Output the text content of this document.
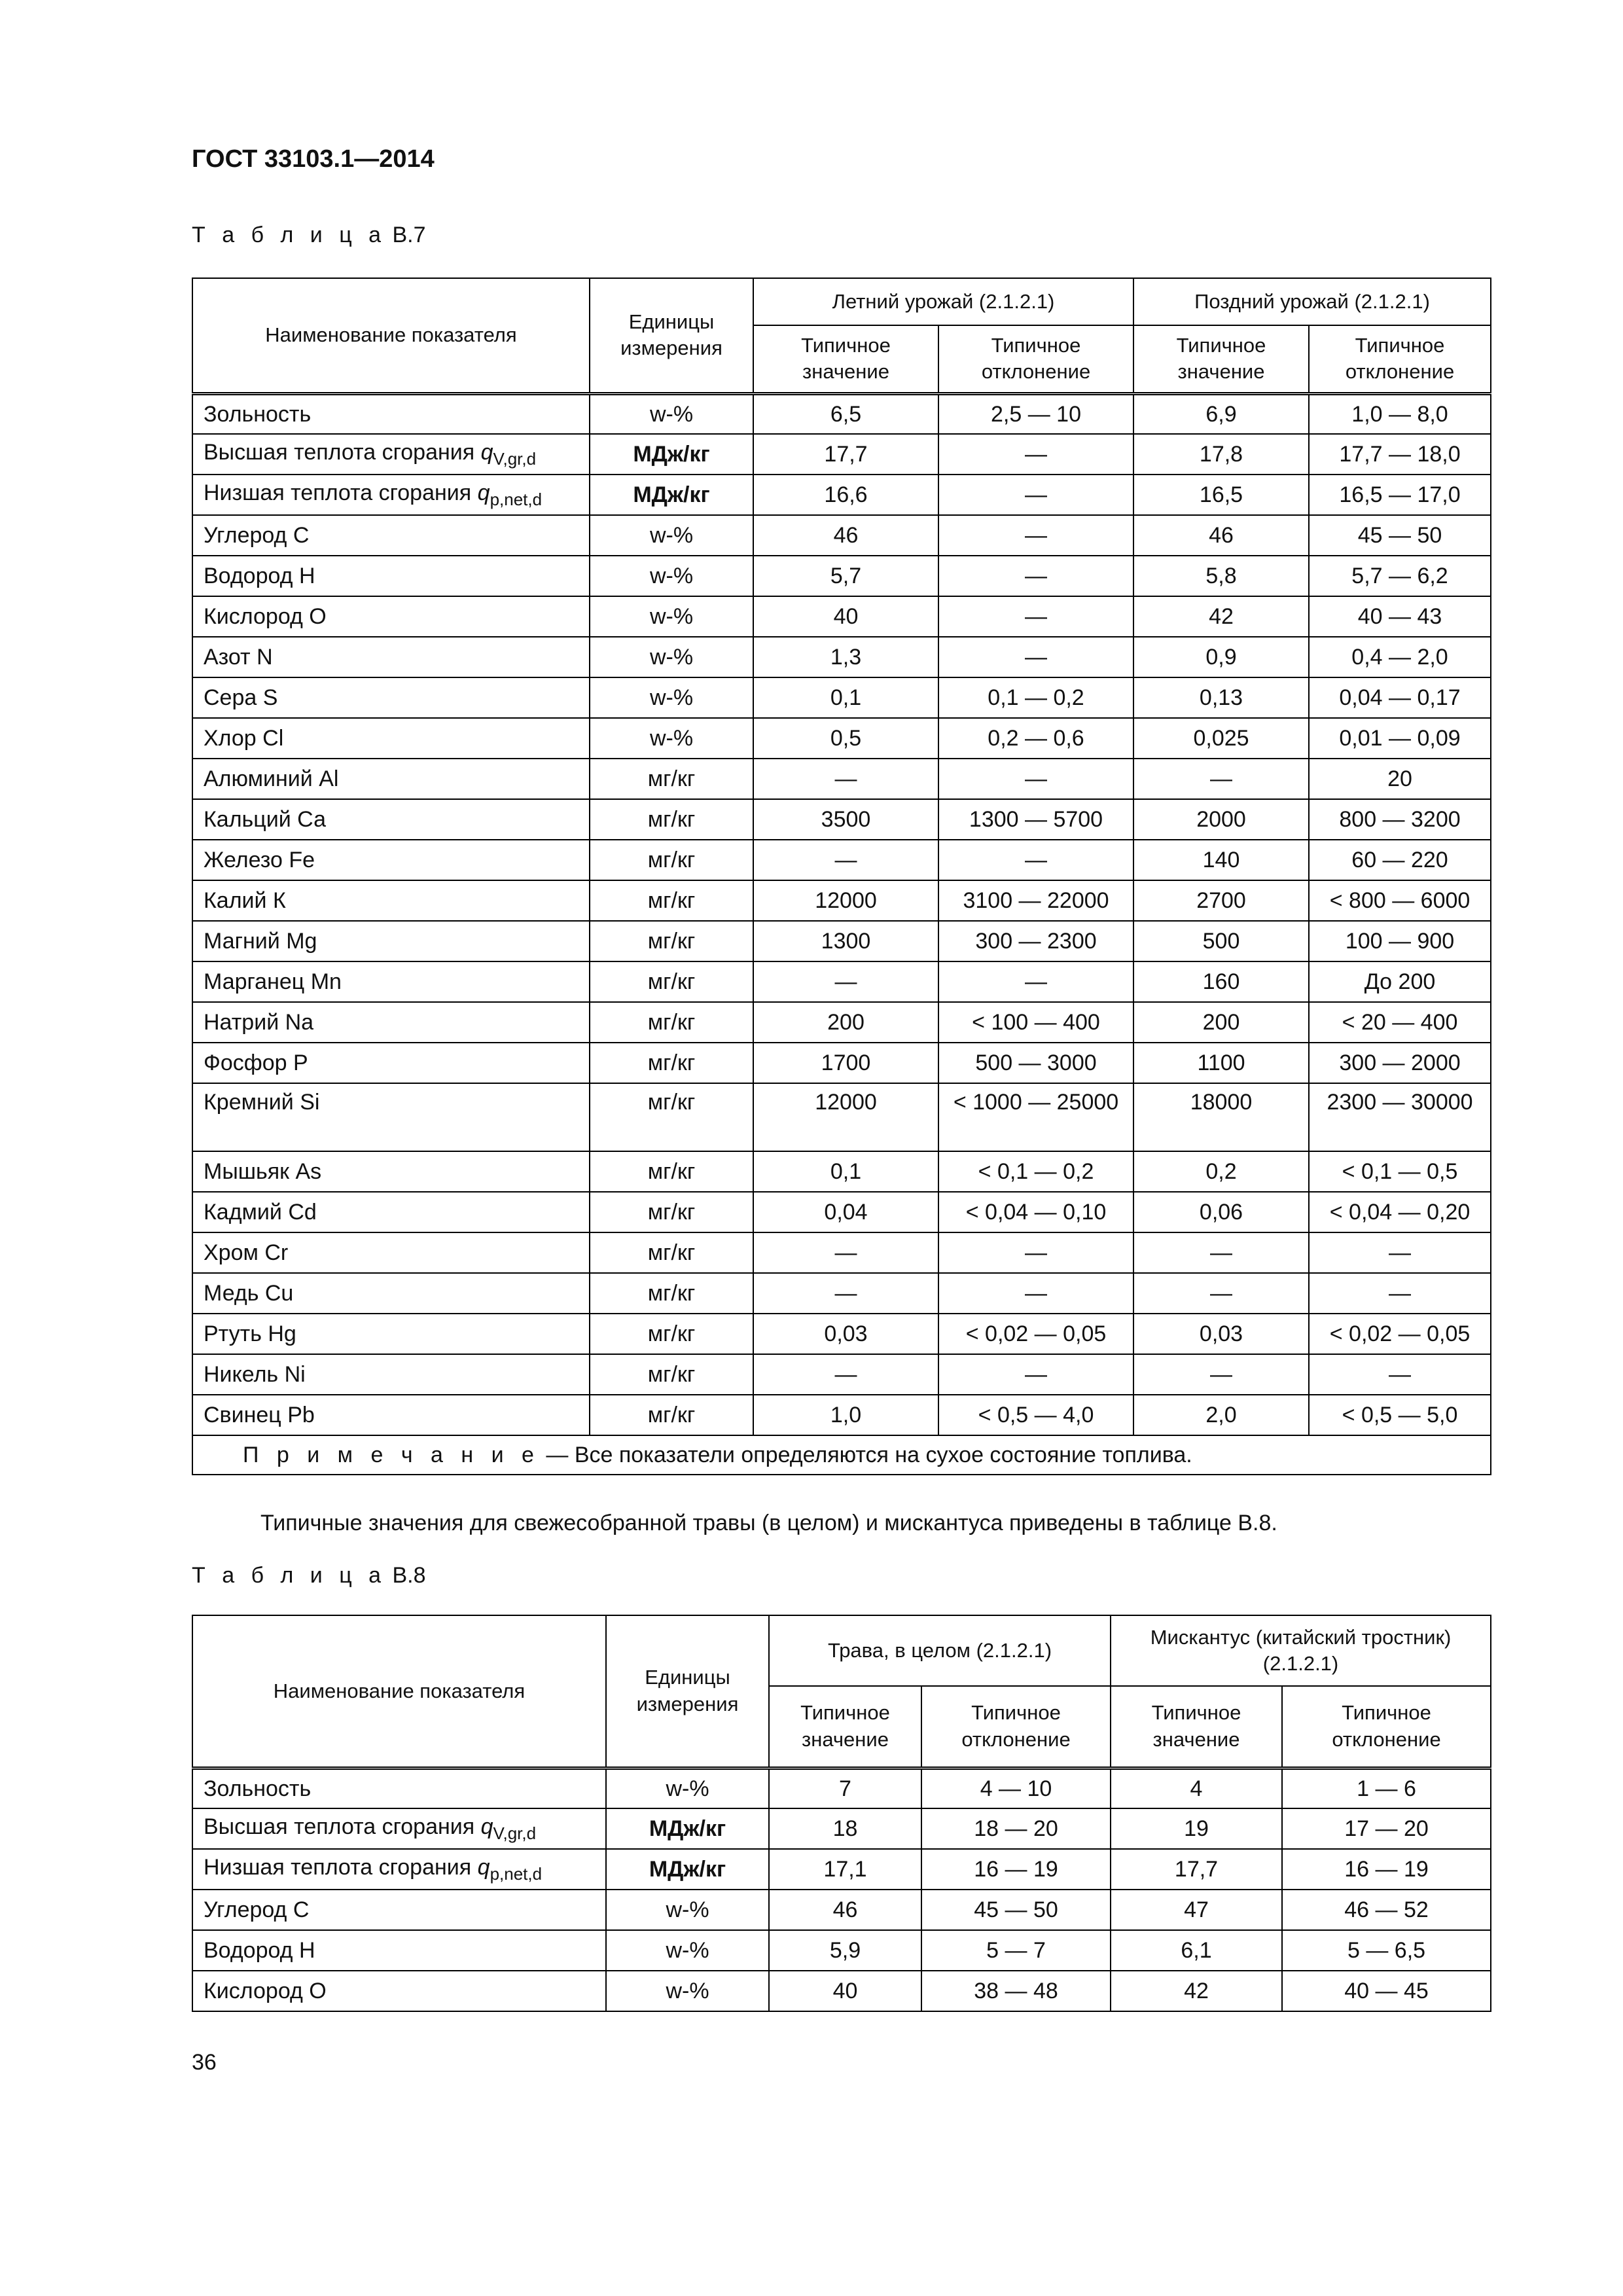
ГОСТ 33103.1—2014
Т а б л и ц а В.7
Наименование показателя	Единицы измерения	Летний урожай (2.1.2.1)		Поздний урожай (2.1.2.1)	
		Типичное значение	Типичное отклонение	Типичное значение	Типичное отклонение
Зольность	w-%	6,5	2,5 — 10	6,9	1,0 — 8,0
Высшая теплота сгорания $q_{V,gr,d}$	МДж/кг	17,7	—	17,8	17,7 — 18,0
Низшая теплота сгорания $q_{p,net,d}$	МДж/кг	16,6	—	16,5	16,5 — 17,0
Углерод С	w-%	46	—	46	45 — 50
Водород Н	w-%	5,7	—	5,8	5,7 — 6,2
Кислород О	w-%	40	—	42	40 — 43
Азот N	w-%	1,3	—	0,9	0,4 — 2,0
Сера S	w-%	0,1	0,1 — 0,2	0,13	0,04 — 0,17
Хлор Cl	w-%	0,5	0,2 — 0,6	0,025	0,01 — 0,09
Алюминий Al	мг/кг	—	—	—	20
Кальций Са	мг/кг	3500	1300 — 5700	2000	800 — 3200
Железо Fe	мг/кг	—	—	140	60 — 220
Калий К	мг/кг	12000	3100 — 22000	2700	< 800 — 6000
Магний Mg	мг/кг	1300	300 — 2300	500	100 — 900
Марганец Mn	мг/кг	—	—	160	До 200
Натрий Na	мг/кг	200	< 100 — 400	200	< 20 — 400
Фосфор Р	мг/кг	1700	500 — 3000	1100	300 — 2000
Кремний Si	мг/кг	12000	< 1000 — 25000	18000	2300 — 30000
Мышьяк As	мг/кг	0,1	< 0,1 — 0,2	0,2	< 0,1 — 0,5
Кадмий Cd	мг/кг	0,04	< 0,04 — 0,10	0,06	< 0,04 — 0,20
Хром Cr	мг/кг	—	—	—	—
Медь Cu	мг/кг	—	—	—	—
Ртуть Hg	мг/кг	0,03	< 0,02 — 0,05	0,03	< 0,02 — 0,05
Никель Ni	мг/кг	—	—	—	—
Свинец Pb	мг/кг	1,0	< 0,5 — 4,0	2,0	< 0,5 — 5,0
П р и м е ч а н и е — Все показатели определяются на сухое состояние топлива.					
Типичные значения для свежесобранной травы (в целом) и мискантуса приведены в таблице В.8.
Т а б л и ц а В.8
Наименование показателя	Единицы измерения	Трава, в целом (2.1.2.1)		Мискантус (китайский тростник) (2.1.2.1)	
		Типичное значение	Типичное отклонение	Типичное значение	Типичное отклонение
Зольность	w-%	7	4 — 10	4	1 — 6
Высшая теплота сгорания $q_{V,gr,d}$	МДж/кг	18	18 — 20	19	17 — 20
Низшая теплота сгорания $q_{p,net,d}$	МДж/кг	17,1	16 — 19	17,7	16 — 19
Углерод С	w-%	46	45 — 50	47	46 — 52
Водород Н	w-%	5,9	5 — 7	6,1	5 — 6,5
Кислород О	w-%	40	38 — 48	42	40 — 45
36
